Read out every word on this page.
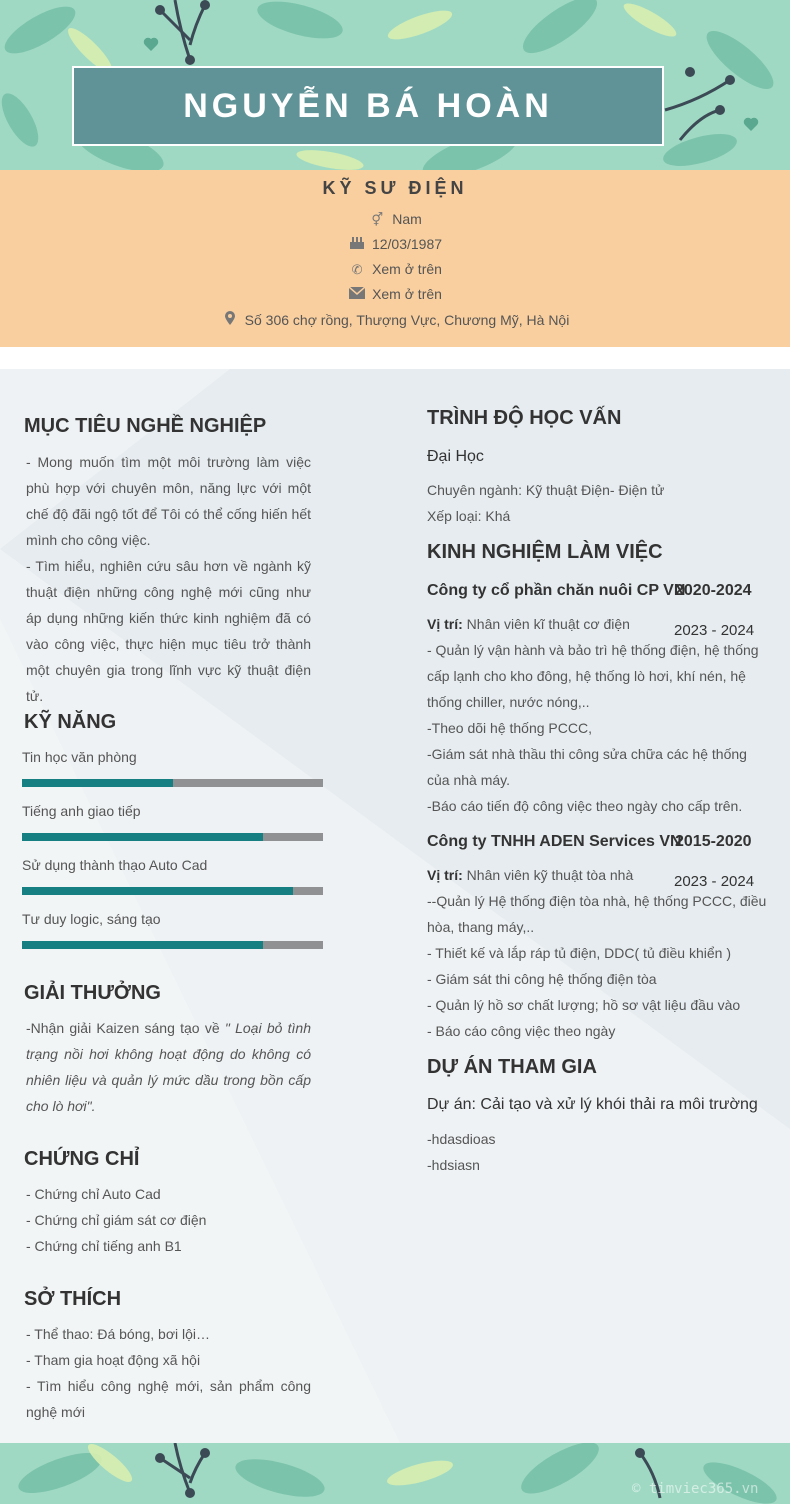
NGUYỄN BÁ HOÀN
KỸ SƯ ĐIỆN
⚥ Nam
12/03/1987
✆ Xem ở trên
Xem ở trên
Số 306 chợ rồng, Thượng Vực, Chương Mỹ, Hà Nội
MỤC TIÊU NGHỀ NGHIỆP

- Mong muốn tìm một môi trường làm việc phù hợp với chuyên môn, năng lực với một chế độ đãi ngộ tốt để Tôi có thể cống hiến hết mình cho công việc.

- Tìm hiểu, nghiên cứu sâu hơn về ngành kỹ thuật điện những công nghệ mới cũng như áp dụng những kiến thức kinh nghiệm đã có vào công việc, thực hiện mục tiêu trở thành một chuyên gia trong lĩnh vực kỹ thuật điện tử.

KỸ NĂNG
Tin học văn phòng
Tiếng anh giao tiếp
Sử dụng thành thạo Auto Cad
Tư duy logic, sáng tạo
GIẢI THƯỞNG
-Nhận giải Kaizen sáng tạo về " Loại bỏ tình trạng nồi hơi không hoạt động do không có nhiên liệu và quản lý mức dầu trong bồn cấp cho lò hơi".
CHỨNG CHỈ
- Chứng chỉ Auto Cad
- Chứng chỉ giám sát cơ điện
- Chứng chỉ tiếng anh B1
SỞ THÍCH

- Thể thao: Đá bóng, bơi lội…

- Tham gia hoạt động xã hội

- Tìm hiểu công nghệ mới, sản phẩm công nghệ mới

TRÌNH ĐỘ HỌC VẤN
Đại Học
Chuyên ngành: Kỹ thuật Điện- Điện tử
Xếp loại: Khá
KINH NGHIỆM LÀM VIỆC
Công ty cổ phần chăn nuôi CP VN
2020-2024
Vị trí: Nhân viên kĩ thuật cơ điện	2023 - 2024
- Quản lý vận hành và bảo trì hệ thống điện, hệ thống
cấp lạnh cho kho đông, hệ thống lò hơi, khí nén, hệ
thống chiller, nước nóng,..
-Theo dõi hệ thống PCCC,
-Giám sát nhà thầu thi công sửa chữa các hệ thống
của nhà máy.
-Báo cáo tiến độ công việc theo ngày cho cấp trên.
Công ty TNHH ADEN Services VN
2015-2020
Vị trí: Nhân viên kỹ thuật tòa nhà	2023 - 2024
--Quản lý Hệ thống điện tòa nhà, hệ thống PCCC, điều
hòa, thang máy,..
- Thiết kế và lắp ráp tủ điện, DDC( tủ điều khiển )
- Giám sát thi công hệ thống điện tòa
- Quản lý hồ sơ chất lượng; hồ sơ vật liệu đầu vào
- Báo cáo công việc theo ngày
DỰ ÁN THAM GIA
Dự án: Cải tạo và xử lý khói thải ra môi trường
-hdasdioas
-hdsiasn
© timviec365.vn
